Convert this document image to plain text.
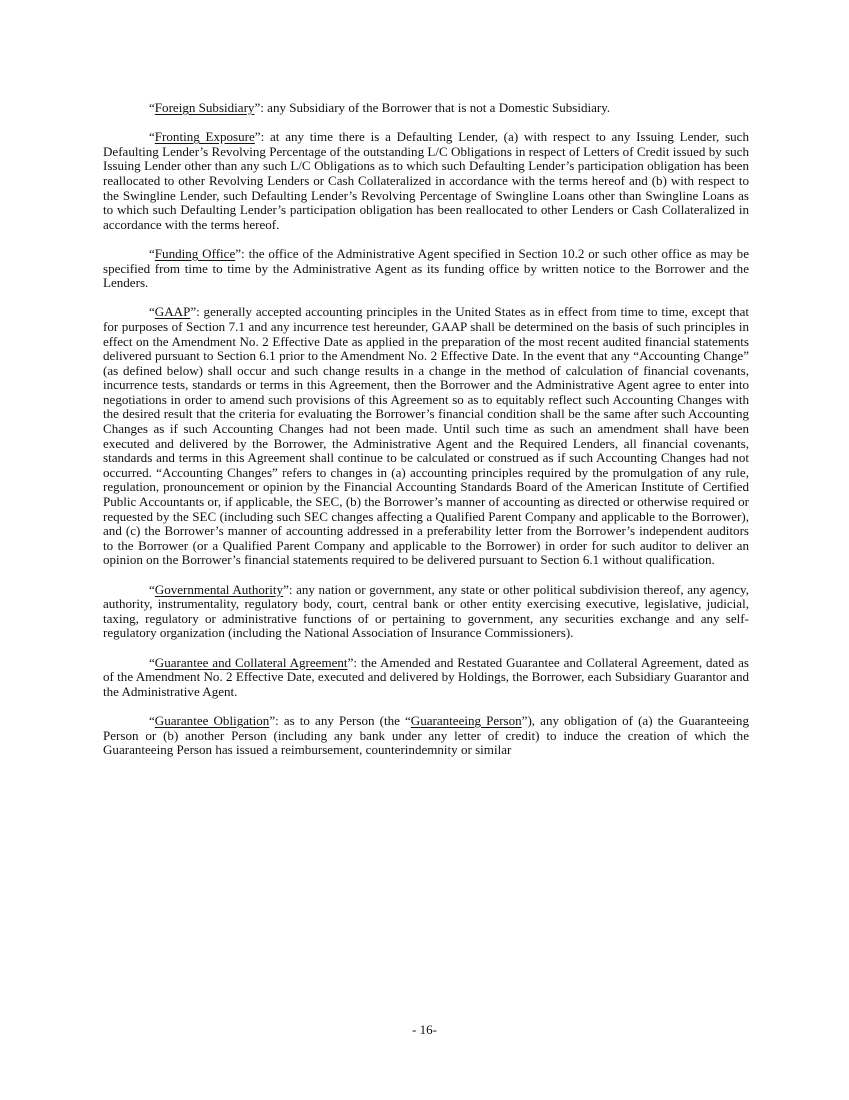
“Foreign Subsidiary”: any Subsidiary of the Borrower that is not a Domestic Subsidiary.

“Fronting Exposure”: at any time there is a Defaulting Lender, (a) with respect to any Issuing Lender, such Defaulting Lender’s Revolving Percentage of the outstanding L/C Obligations in respect of Letters of Credit issued by such Issuing Lender other than any such L/C Obligations as to which such Defaulting Lender’s participation obligation has been reallocated to other Revolving Lenders or Cash Collateralized in accordance with the terms hereof and (b) with respect to the Swingline Lender, such Defaulting Lender’s Revolving Percentage of Swingline Loans other than Swingline Loans as to which such Defaulting Lender’s participation obligation has been reallocated to other Lenders or Cash Collateralized in accordance with the terms hereof.

“Funding Office”: the office of the Administrative Agent specified in Section 10.2 or such other office as may be specified from time to time by the Administrative Agent as its funding office by written notice to the Borrower and the Lenders.

“GAAP”: generally accepted accounting principles in the United States as in effect from time to time, except that for purposes of Section 7.1 and any incurrence test hereunder, GAAP shall be determined on the basis of such principles in effect on the Amendment No. 2 Effective Date as applied in the preparation of the most recent audited financial statements delivered pursuant to Section 6.1 prior to the Amendment No. 2 Effective Date. In the event that any “Accounting Change” (as defined below) shall occur and such change results in a change in the method of calculation of financial covenants, incurrence tests, standards or terms in this Agreement, then the Borrower and the Administrative Agent agree to enter into negotiations in order to amend such provisions of this Agreement so as to equitably reflect such Accounting Changes with the desired result that the criteria for evaluating the Borrower’s financial condition shall be the same after such Accounting Changes as if such Accounting Changes had not been made. Until such time as such an amendment shall have been executed and delivered by the Borrower, the Administrative Agent and the Required Lenders, all financial covenants, standards and terms in this Agreement shall continue to be calculated or construed as if such Accounting Changes had not occurred. “Accounting Changes” refers to changes in (a) accounting principles required by the promulgation of any rule, regulation, pronouncement or opinion by the Financial Accounting Standards Board of the American Institute of Certified Public Accountants or, if applicable, the SEC, (b) the Borrower’s manner of accounting as directed or otherwise required or requested by the SEC (including such SEC changes affecting a Qualified Parent Company and applicable to the Borrower), and (c) the Borrower’s manner of accounting addressed in a preferability letter from the Borrower’s independent auditors to the Borrower (or a Qualified Parent Company and applicable to the Borrower) in order for such auditor to deliver an opinion on the Borrower’s financial statements required to be delivered pursuant to Section 6.1 without qualification.

“Governmental Authority”: any nation or government, any state or other political subdivision thereof, any agency, authority, instrumentality, regulatory body, court, central bank or other entity exercising executive, legislative, judicial, taxing, regulatory or administrative functions of or pertaining to government, any securities exchange and any self-regulatory organization (including the National Association of Insurance Commissioners).

“Guarantee and Collateral Agreement”: the Amended and Restated Guarantee and Collateral Agreement, dated as of the Amendment No. 2 Effective Date, executed and delivered by Holdings, the Borrower, each Subsidiary Guarantor and the Administrative Agent.

“Guarantee Obligation”: as to any Person (the “Guaranteeing Person”), any obligation of (a) the Guaranteeing Person or (b) another Person (including any bank under any letter of credit) to induce the creation of which the Guaranteeing Person has issued a reimbursement, counterindemnity or similar

- 16-
